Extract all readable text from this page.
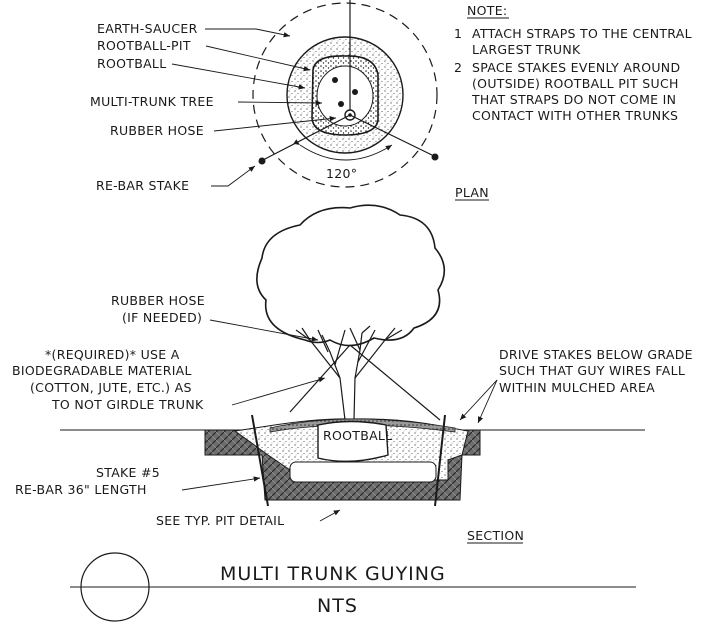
120°
EARTH-SAUCER
ROOTBALL-PIT
ROOTBALL
MULTI-TRUNK TREE
RUBBER HOSE
RE-BAR STAKE	PLAN
NOTE:
1 ATTACH STRAPS TO THE CENTRAL
LARGEST TRUNK
2 SPACE STAKES EVENLY AROUND
(OUTSIDE) ROOTBALL PIT SUCH
THAT STRAPS DO NOT COME IN
CONTACT WITH OTHER TRUNKS
ROOTBALL
RUBBER HOSE
(IF NEEDED)
*(REQUIRED)* USE A
BIODEGRADABLE MATERIAL
(COTTON, JUTE, ETC.) AS
TO NOT GIRDLE TRUNK
DRIVE STAKES BELOW GRADE
SUCH THAT GUY WIRES FALL
WITHIN MULCHED AREA
STAKE #5
RE-BAR 36" LENGTH
SEE TYP. PIT DETAIL
SECTION
MULTI TRUNK GUYING
NTS
